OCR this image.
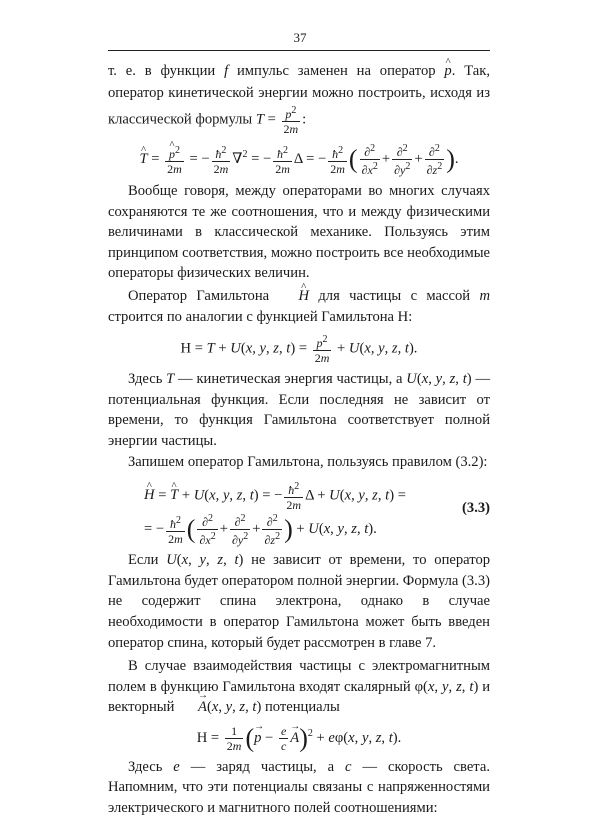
37

т. е. в функции f импульс заменен на оператор ^ p. Так, оператор кинетической энергии можно построить, исходя из классической формулы $T = \frac{p^2}{2m}$ :

^ T =
^ $\frac{p^2}{2m}$ = − $\frac{ħ^2}{2m} \nabla^2$ = − $\frac{ħ^2}{2m}$ Δ = − $\frac{ħ^2}{2m}$ ( $\frac{\partial^2}{\partial x^2} + \frac{\partial^2}{\partial y^2} + \frac{\partial^2}{\partial z^2}$ ).

Вообще говоря, между операторами во многих случаях сохраняются те же соотношения, что и между физическими величинами в классической механике. Пользуясь этим принципом соответствия, можно построить все необходимые операторы физических величин.

Оператор Гамильтона ^ H для частицы с массой m строится по аналогии с функцией Гамильтона H:

H = T + U(x, y, z, $t) = \frac{p^2}{2m} + U(x$, y, z, t).

Здесь T — кинетическая энергия частицы, а U(x, y, z, t) — потенциальная функция. Если последняя не зависит от времени, то функция Гамильтона соответствует полной энергии частицы.

Запишем оператор Гамильтона, пользуясь правилом (3.2):

^ H = ^ T + U(x, y, z, t) = − $\frac{ħ^2}{2m}$ Δ + U(x, y, z, t) =
= − $\frac{ħ^2}{2m}$ ( $\frac{\partial^2}{\partial x^2} + \frac{\partial^2}{\partial y^2} + \frac{\partial^2}{\partial z^2}$ ) + U(x, y, z, t).
(3.3)

Если U(x, y, z, t) не зависит от времени, то оператор Гамильтона будет оператором полной энергии. Формула (3.3) не содержит спина электрона, однако в случае необходимости в оператор Гамильтона может быть введен оператор спина, который будет рассмотрен в главе 7.

В случае взаимодействия частицы с электромагнитным полем в функцию Гамильтона входят скалярный φ(x, y, z, t) и векторный → A(x, y, z, t) потенциалы

$H = \frac{1}{2m}$ (→ $p - \frac{e}{c}$
→ A)$^2$ + eφ(x, y, z, t).

Здесь e — заряд частицы, а c — скорость света. Напомним, что эти потенциалы связаны с напряженностями электрического и магнитного полей соотношениями:
